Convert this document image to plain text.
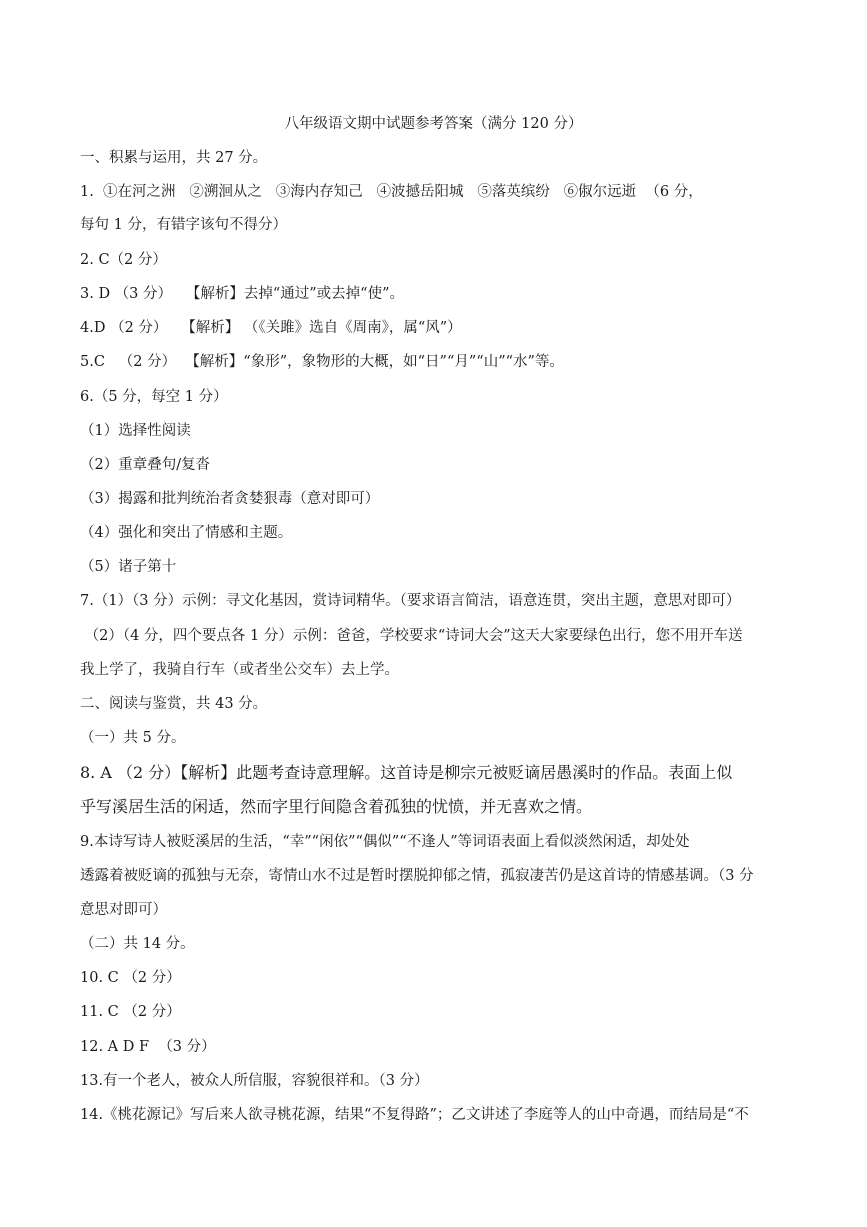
八年级语文期中试题参考答案（满分 120 分）
一、积累与运用，共 27 分。
1.  ①在河之洲   ②溯洄从之   ③海内存知己   ④波撼岳阳城   ⑤落英缤纷   ⑥俶尔远逝  （6 分，
每句 1 分，有错字该句不得分）
2. C（2 分）
3. D （3 分）   【解析】去掉“通过”或去掉“使”。
4.D （2 分）   【解析】 （《关雎》选自《周南》，属“风”）
5.C   （2 分）  【解析】“象形”，象物形的大概，如“日”“月”“山”“水”等。
6.（5 分，每空 1 分）
（1）选择性阅读
（2）重章叠句/复沓
（3）揭露和批判统治者贪婪狠毒（意对即可）
（4）强化和突出了情感和主题。
（5）诸子第十
7.（1）（3 分）示例：寻文化基因，赏诗词精华。（要求语言简洁，语意连贯，突出主题，意思对即可）
（2）（4 分，四个要点各 1 分）示例：爸爸，学校要求“诗词大会”这天大家要绿色出行，您不用开车送
我上学了，我骑自行车（或者坐公交车）去上学。
二、阅读与鉴赏，共 43 分。
（一）共 5 分。
8. A （2 分）【解析】此题考查诗意理解。这首诗是柳宗元被贬谪居愚溪时的作品。表面上似
乎写溪居生活的闲适，然而字里行间隐含着孤独的忧愤，并无喜欢之情。
9.本诗写诗人被贬溪居的生活，“幸”“闲依”“偶似”“不逢人”等词语表面上看似淡然闲适，却处处
透露着被贬谪的孤独与无奈，寄情山水不过是暂时摆脱抑郁之情，孤寂凄苦仍是这首诗的情感基调。（3 分
意思对即可）
（二）共 14 分。
10. C （2 分）
11. C （2 分）
12. A D F  （3 分）
13.有一个老人，被众人所信服，容貌很祥和。（3 分）
14.《桃花源记》写后来人欲寻桃花源，结果“不复得路”；乙文讲述了李庭等人的山中奇遇，而结局是“不
